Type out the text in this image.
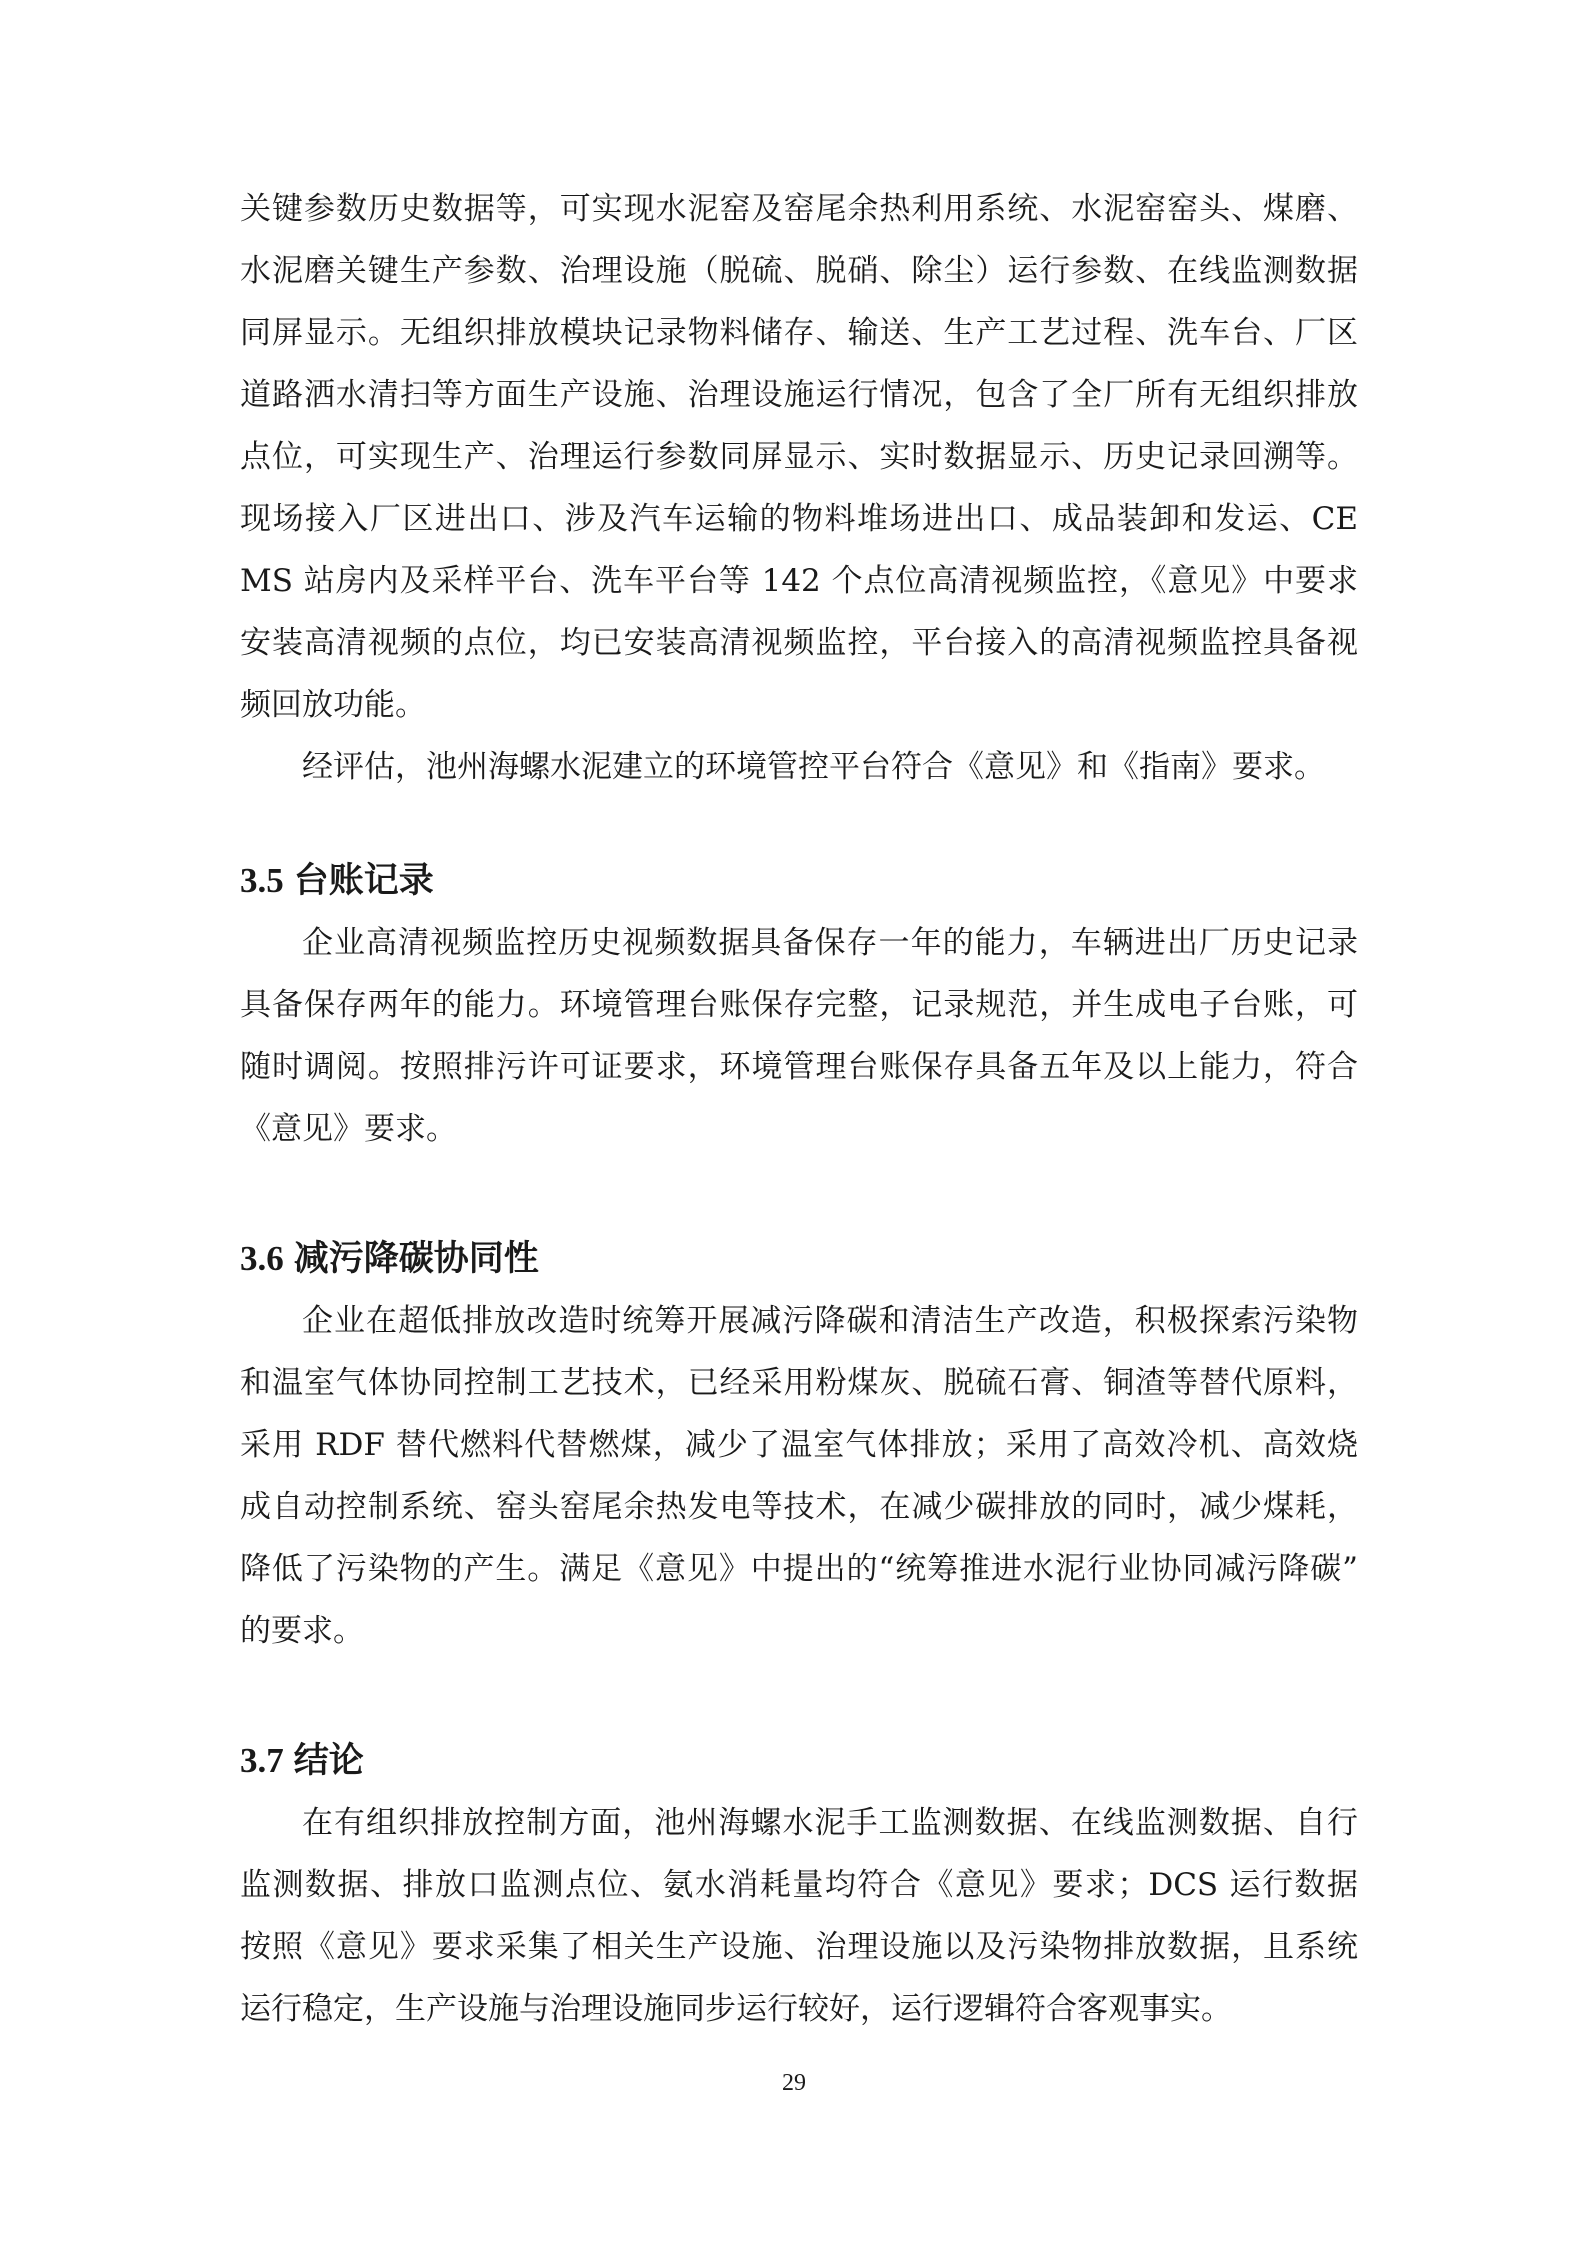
关键参数历史数据等，可实现水泥窑及窑尾余热利用系统、水泥窑窑头、煤磨、
水泥磨关键生产参数、治理设施（脱硫、脱硝、除尘）运行参数、在线监测数据
同屏显示。无组织排放模块记录物料储存、输送、生产工艺过程、洗车台、厂区
道路洒水清扫等方面生产设施、治理设施运行情况，包含了全厂所有无组织排放
点位，可实现生产、治理运行参数同屏显示、实时数据显示、历史记录回溯等。
现场接入厂区进出口、涉及汽车运输的物料堆场进出口、成品装卸和发运、CE
MS 站房内及采样平台、洗车平台等 142 个点位高清视频监控，《意见》中要求
安装高清视频的点位，均已安装高清视频监控，平台接入的高清视频监控具备视
频回放功能。
经评估，池州海螺水泥建立的环境管控平台符合《意见》和《指南》要求。
3.5 台账记录
企业高清视频监控历史视频数据具备保存一年的能力，车辆进出厂历史记录
具备保存两年的能力。环境管理台账保存完整，记录规范，并生成电子台账，可
随时调阅。按照排污许可证要求，环境管理台账保存具备五年及以上能力，符合
《意见》要求。
3.6 减污降碳协同性
企业在超低排放改造时统筹开展减污降碳和清洁生产改造，积极探索污染物
和温室气体协同控制工艺技术，已经采用粉煤灰、脱硫石膏、铜渣等替代原料，
采用 RDF 替代燃料代替燃煤，减少了温室气体排放；采用了高效冷机、高效烧
成自动控制系统、窑头窑尾余热发电等技术，在减少碳排放的同时，减少煤耗，
降低了污染物的产生。满足《意见》中提出的“统筹推进水泥行业协同减污降碳”
的要求。
3.7 结论
在有组织排放控制方面，池州海螺水泥手工监测数据、在线监测数据、自行
监测数据、排放口监测点位、氨水消耗量均符合《意见》要求；DCS 运行数据
按照《意见》要求采集了相关生产设施、治理设施以及污染物排放数据，且系统
运行稳定，生产设施与治理设施同步运行较好，运行逻辑符合客观事实。
29
